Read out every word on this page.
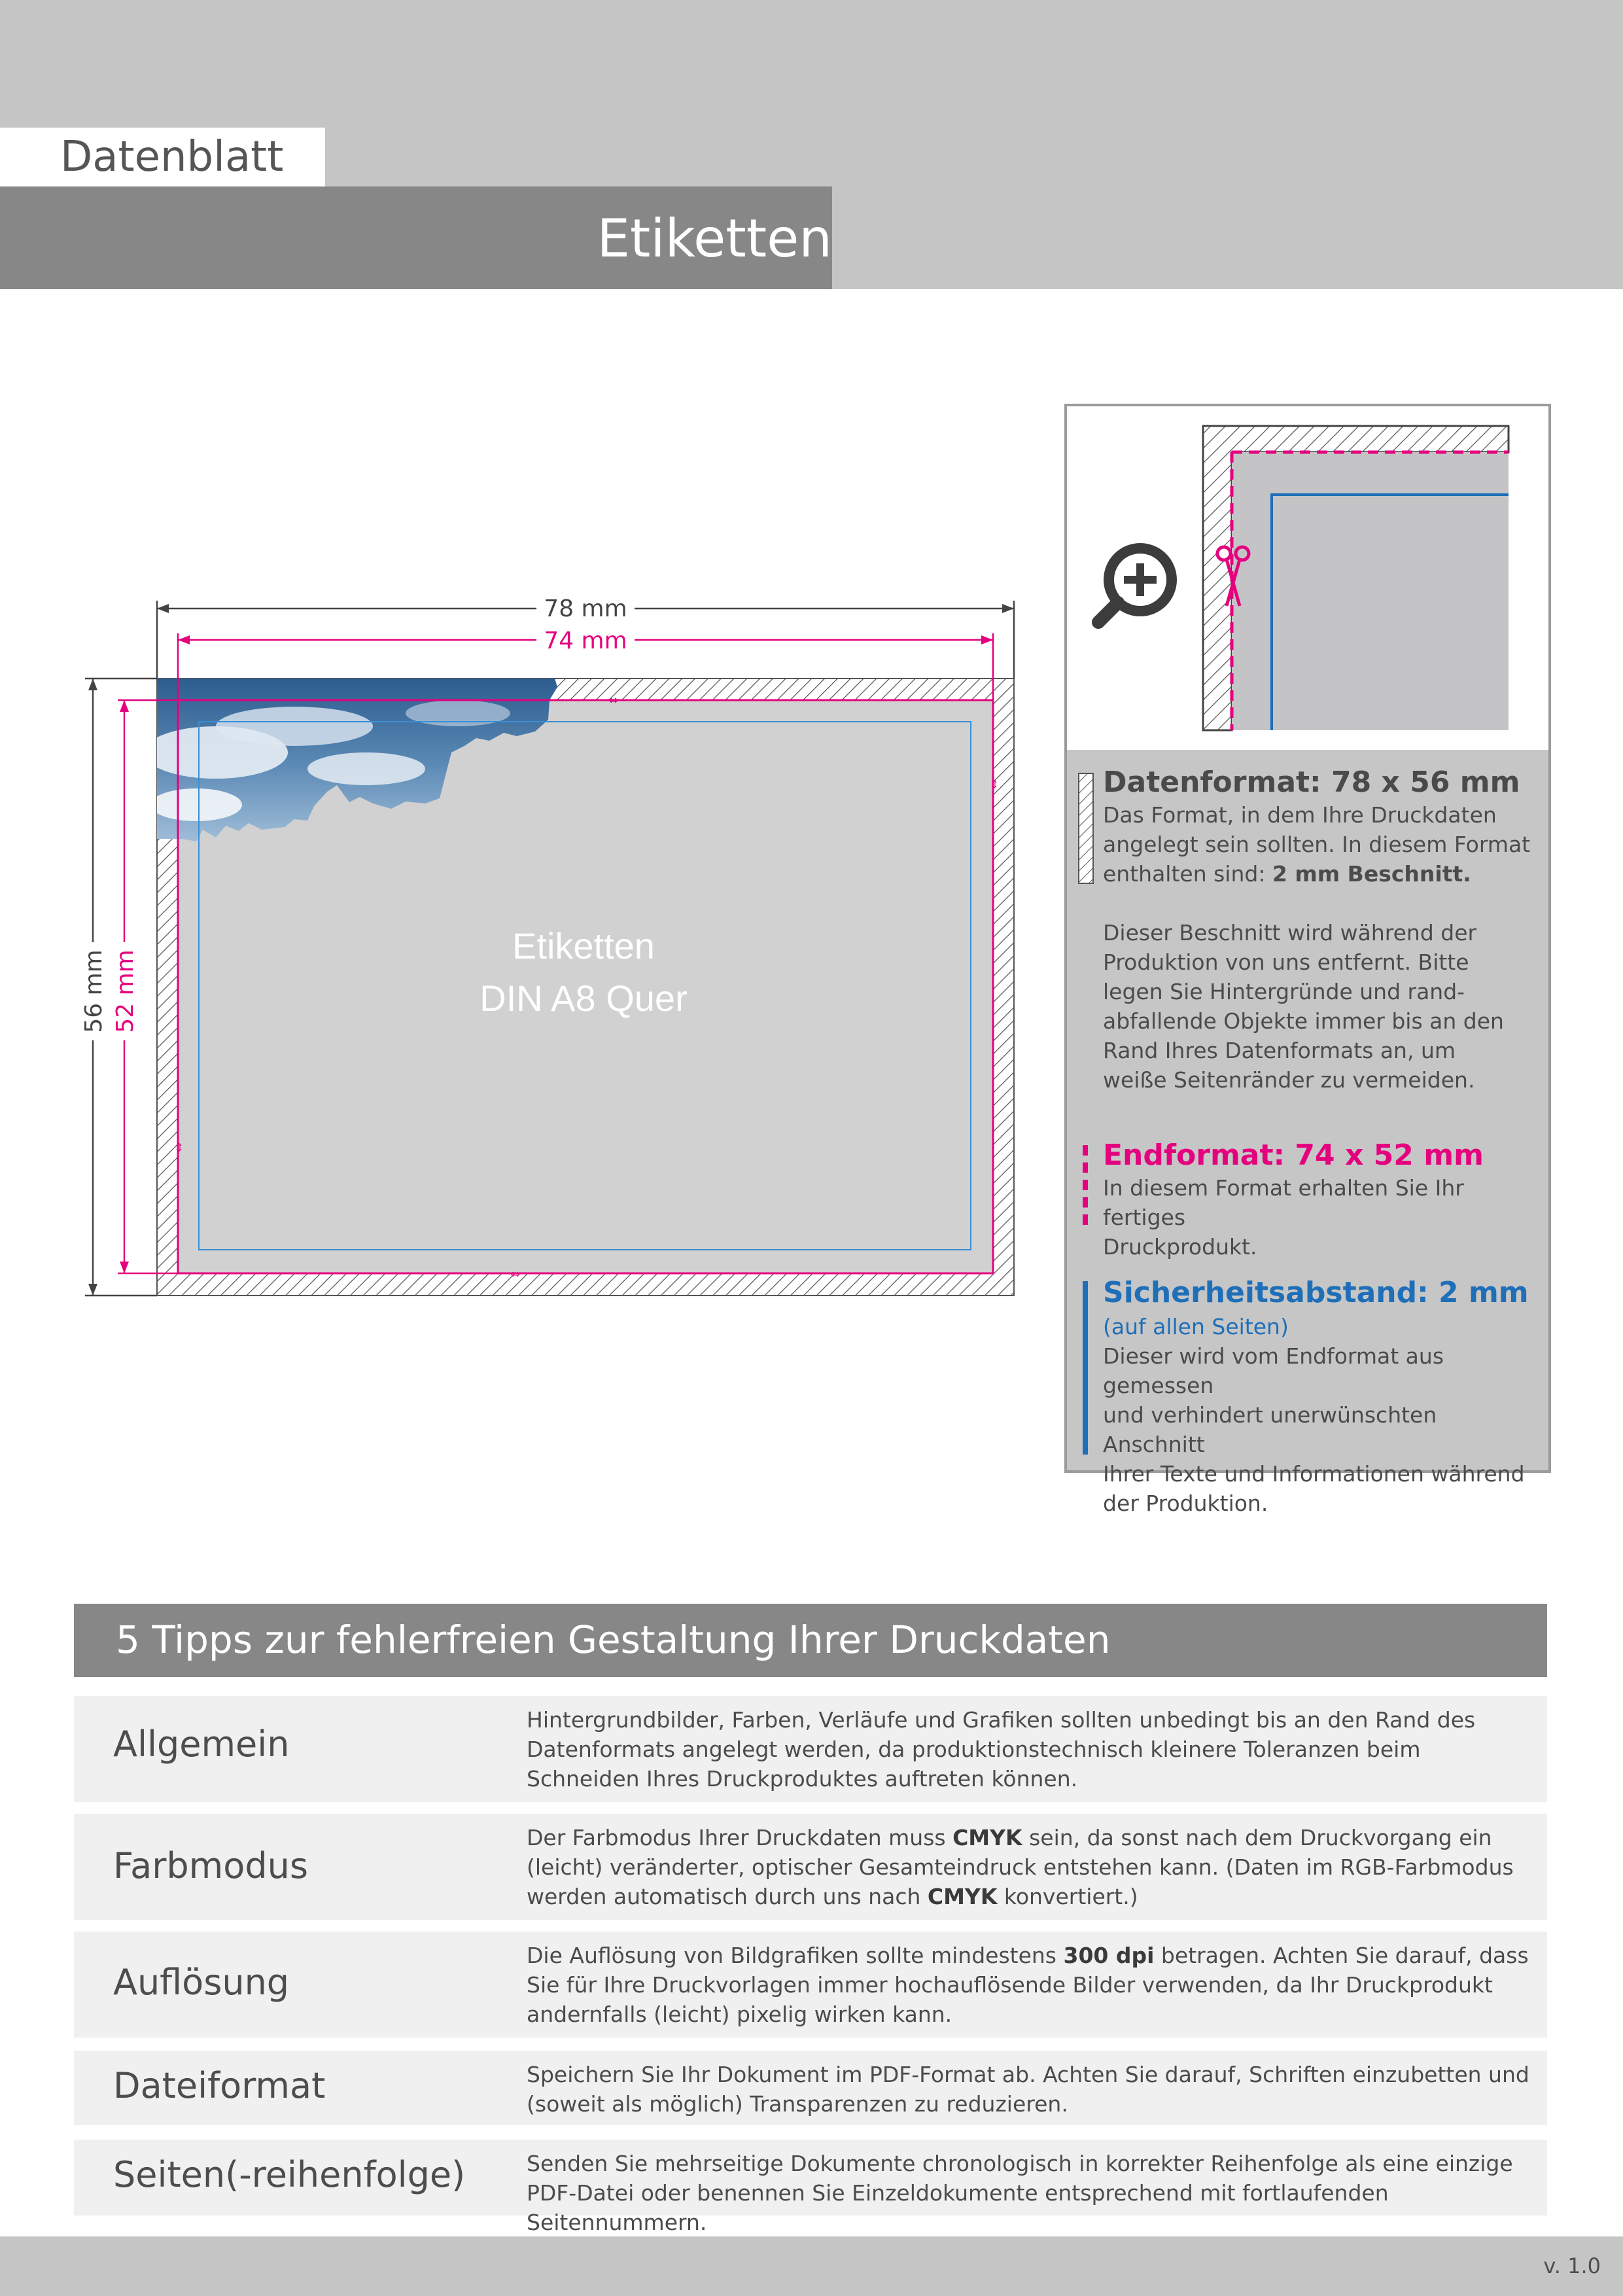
Datenblatt
Etiketten
⇔
⇔
⇕
⇕
78 mm
74 mm
56 mm 52 mm
Etiketten
DIN A8 Quer
Datenformat: 78 x 56 mm
Das Format, in dem Ihre Druckdaten
angelegt sein sollten. In diesem Format
enthalten sind: 2 mm Beschnitt.
Dieser Beschnitt wird während der
Produktion von uns entfernt. Bitte
legen Sie Hintergründe und rand-
abfallende Objekte immer bis an den
Rand Ihres Datenformats an, um
weiße Seitenränder zu vermeiden.
Endformat: 74 x 52 mm
In diesem Format erhalten Sie Ihr fertiges
Druckprodukt.
Sicherheitsabstand: 2 mm
(auf allen Seiten)
Dieser wird vom Endformat aus gemessen
und verhindert unerwünschten Anschnitt
Ihrer Texte und Informationen während
der Produktion.
5 Tipps zur fehlerfreien Gestaltung Ihrer Druckdaten
Allgemein
Hintergrundbilder, Farben, Verläufe und Grafiken sollten unbedingt bis an den Rand des Datenformats angelegt werden, da produktionstechnisch kleinere Toleranzen beim Schneiden Ihres Druckproduktes auftreten können.
Farbmodus
Der Farbmodus Ihrer Druckdaten muss CMYK sein, da sonst nach dem Druckvorgang ein (leicht) veränderter, optischer Gesamteindruck entstehen kann. (Daten im RGB-Farbmodus werden automatisch durch uns nach CMYK konvertiert.)
Auflösung
Die Auflösung von Bildgrafiken sollte mindestens 300 dpi betragen. Achten Sie darauf, dass Sie für Ihre Druckvorlagen immer hochauflösende Bilder verwenden, da Ihr Druckprodukt andernfalls (leicht) pixelig wirken kann.
Dateiformat	Speichern Sie Ihr Dokument im PDF-Format ab. Achten Sie darauf, Schriften einzubetten und (soweit als möglich) Transparenzen zu reduzieren.
Seiten(-reihenfolge)	Senden Sie mehrseitige Dokumente chronologisch in korrekter Reihenfolge als eine einzige PDF-Datei oder benennen Sie Einzeldokumente entsprechend mit fortlaufenden Seitennummern.
v. 1.0
